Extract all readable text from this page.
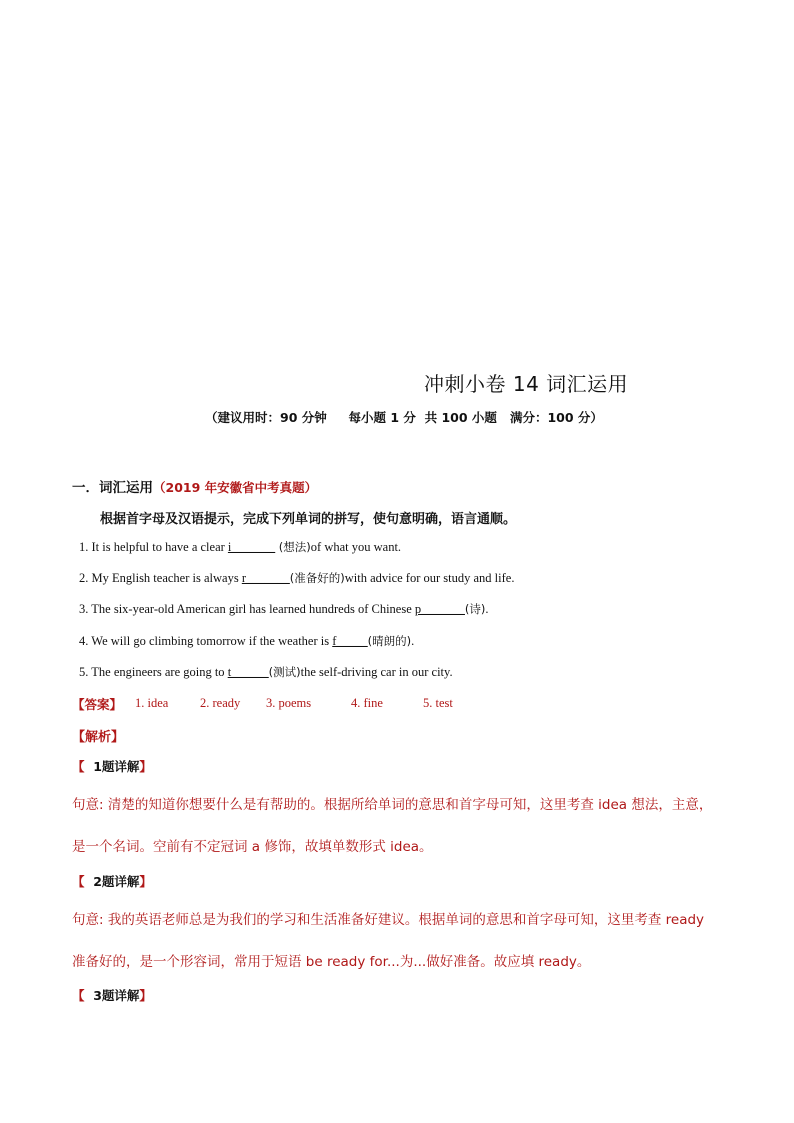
冲刺小卷 14 词汇运用
（建议用时：90 分钟     每小题 1 分  共 100 小题   满分：100 分）
一．词汇运用（2019 年安徽省中考真题）
根据首字母及汉语提示，完成下列单词的拼写，使句意明确，语言通顺。
1. It is helpful to have a clear i_______ (想法)of what you want.
2. My English teacher is always r_______(准备好的)with advice for our study and life.
3. The six-year-old American girl has learned hundreds of Chinese p_______(诗).
4. We will go climbing tomorrow if the weather is f_____(晴朗的).
5. The engineers are going to t______(测试)the self-driving car in our city.
【答案】 1. idea	2. ready 3. poems	4. fine	5. test
【解析】
【  1题详解】
句意: 清楚的知道你想要什么是有帮助的。根据所给单词的意思和首字母可知，这里考查 idea 想法，主意，
是一个名词。空前有不定冠词 a 修饰，故填单数形式 idea。
【  2题详解】
句意: 我的英语老师总是为我们的学习和生活准备好建议。根据单词的意思和首字母可知，这里考查 ready
准备好的，是一个形容词，常用于短语 be ready for...为...做好准备。故应填 ready。
【  3题详解】
